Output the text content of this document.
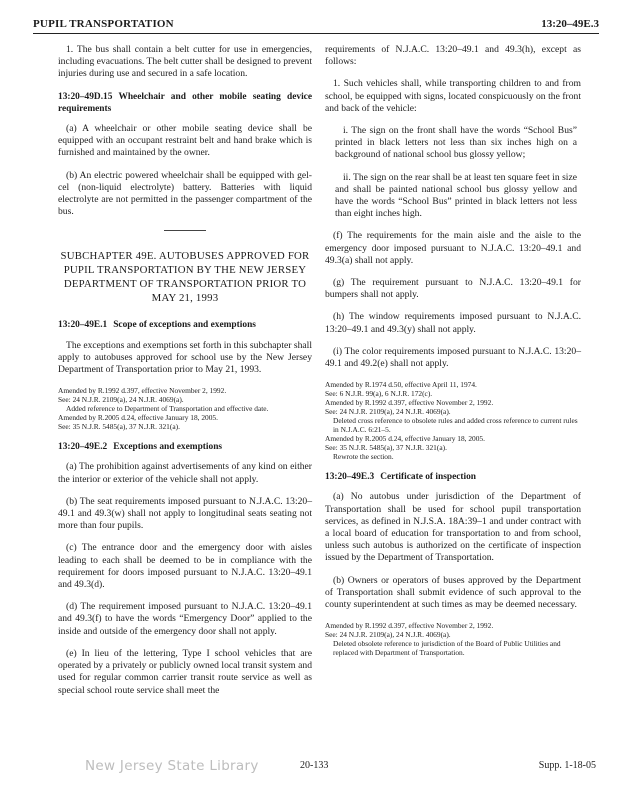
PUPIL TRANSPORTATION	13:20–49E.3

1. The bus shall contain a belt cutter for use in emergencies, including evacuations. The belt cutter shall be designed to prevent injuries during use and secured in a safe location.

13:20–49D.15 Wheelchair and other mobile seating device requirements

(a) A wheelchair or other mobile seating device shall be equipped with an occupant restraint belt and hand brake which is furnished and maintained by the owner.

(b) An electric powered wheelchair shall be equipped with gel-cel (non-liquid electrolyte) battery. Batteries with liquid electrolyte are not permitted in the passenger compartment of the bus.

SUBCHAPTER 49E. AUTOBUSES APPROVED FOR PUPIL TRANSPORTATION BY THE NEW JERSEY DEPARTMENT OF TRANSPORTATION PRIOR TO MAY 21, 1993
13:20–49E.1 Scope of exceptions and exemptions

The exceptions and exemptions set forth in this subchapter shall apply to autobuses approved for school use by the New Jersey Department of Transportation prior to May 21, 1993.

Amended by R.1992 d.397, effective November 2, 1992.
See: 24 N.J.R. 2109(a), 24 N.J.R. 4069(a).
Added reference to Department of Transportation and effective date.
Amended by R.2005 d.24, effective January 18, 2005.
See: 35 N.J.R. 5485(a), 37 N.J.R. 321(a).
13:20–49E.2 Exceptions and exemptions

(a) The prohibition against advertisements of any kind on either the interior or exterior of the vehicle shall not apply.

(b) The seat requirements imposed pursuant to N.J.A.C. 13:20–49.1 and 49.3(w) shall not apply to longitudinal seats seating not more than four pupils.

(c) The entrance door and the emergency door with aisles leading to each shall be deemed to be in compliance with the requirement for doors imposed pursuant to N.J.A.C. 13:20–49.1 and 49.3(d).

(d) The requirement imposed pursuant to N.J.A.C. 13:20–49.1 and 49.3(f) to have the words “Emergency Door” applied to the inside and outside of the emergency door shall not apply.

(e) In lieu of the lettering, Type I school vehicles that are operated by a privately or publicly owned local transit system and used for regular common carrier transit route service as well as special school route service shall meet the

requirements of N.J.A.C. 13:20–49.1 and 49.3(h), except as follows:

1. Such vehicles shall, while transporting children to and from school, be equipped with signs, located conspicuously on the front and back of the vehicle:

i. The sign on the front shall have the words “School Bus” printed in black letters not less than six inches high on a background of national school bus glossy yellow;

ii. The sign on the rear shall be at least ten square feet in size and shall be painted national school bus glossy yellow and have the words “School Bus” printed in black letters not less than eight inches high.

(f) The requirements for the main aisle and the aisle to the emergency door imposed pursuant to N.J.A.C. 13:20–49.1 and 49.3(a) shall not apply.

(g) The requirement pursuant to N.J.A.C. 13:20–49.1 for bumpers shall not apply.

(h) The window requirements imposed pursuant to N.J.A.C. 13:20–49.1 and 49.3(y) shall not apply.

(i) The color requirements imposed pursuant to N.J.A.C. 13:20–49.1 and 49.2(e) shall not apply.

Amended by R.1974 d.50, effective April 11, 1974.
See: 6 N.J.R. 99(a), 6 N.J.R. 172(c).
Amended by R.1992 d.397, effective November 2, 1992.
See: 24 N.J.R. 2109(a), 24 N.J.R. 4069(a).
Deleted cross reference to obsolete rules and added cross reference to current rules in N.J.A.C. 6:21–5.
Amended by R.2005 d.24, effective January 18, 2005.
See: 35 N.J.R. 5485(a), 37 N.J.R. 321(a).
Rewrote the section.
13:20–49E.3 Certificate of inspection

(a) No autobus under jurisdiction of the Department of Transportation shall be used for school pupil transportation services, as defined in N.J.S.A. 18A:39–1 and under contract with a local board of education for transportation to and from school, unless such autobus is authorized on the certificate of inspection issued by the Department of Transportation.

(b) Owners or operators of buses approved by the Department of Transportation shall submit evidence of such approval to the county superintendent at such times as may be deemed necessary.

Amended by R.1992 d.397, effective November 2, 1992.
See: 24 N.J.R. 2109(a), 24 N.J.R. 4069(a).
Deleted obsolete reference to jurisdiction of the Board of Public Utilities and replaced with Department of Transportation.
New Jersey State Library	20-133	Supp. 1-18-05
